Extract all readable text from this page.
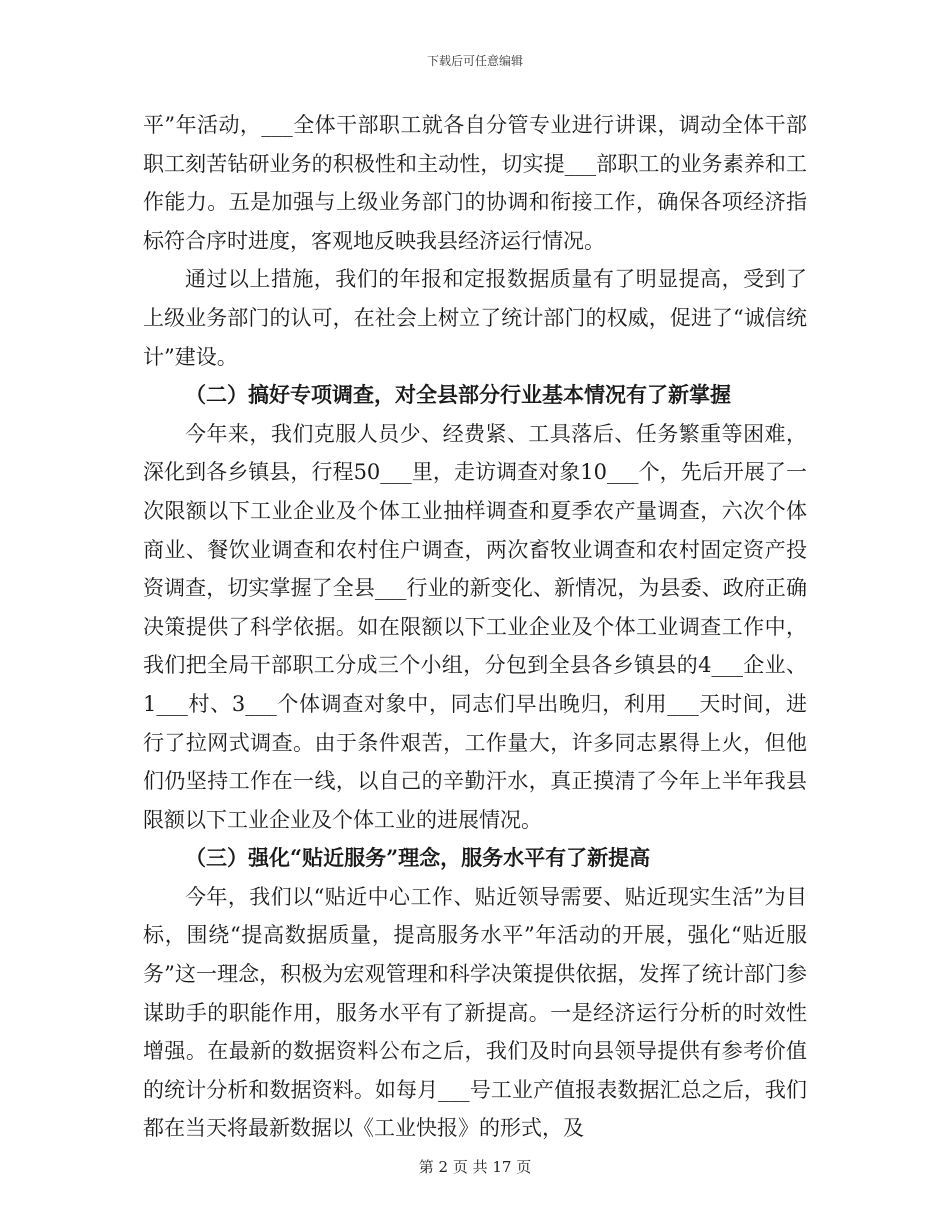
下载后可任意编辑

平”年活动，___全体干部职工就各自分管专业进行讲课，调动全体干部职工刻苦钻研业务的积极性和主动性，切实提___部职工的业务素养和工作能力。五是加强与上级业务部门的协调和衔接工作，确保各项经济指标符合序时进度，客观地反映我县经济运行情况。

通过以上措施，我们的年报和定报数据质量有了明显提高，受到了上级业务部门的认可，在社会上树立了统计部门的权威，促进了“诚信统计”建设。

（二）搞好专项调查，对全县部分行业基本情况有了新掌握

今年来，我们克服人员少、经费紧、工具落后、任务繁重等困难，深化到各乡镇县，行程50___里，走访调查对象10___个，先后开展了一次限额以下工业企业及个体工业抽样调查和夏季农产量调查，六次个体商业、餐饮业调查和农村住户调查，两次畜牧业调查和农村固定资产投资调查，切实掌握了全县___行业的新变化、新情况，为县委、政府正确决策提供了科学依据。如在限额以下工业企业及个体工业调查工作中，我们把全局干部职工分成三个小组，分包到全县各乡镇县的4___企业、1___村、3___个体调查对象中，同志们早出晚归，利用___天时间，进行了拉网式调查。由于条件艰苦，工作量大，许多同志累得上火，但他们仍坚持工作在一线，以自己的辛勤汗水，真正摸清了今年上半年我县限额以下工业企业及个体工业的进展情况。

（三）强化“贴近服务”理念，服务水平有了新提高

今年，我们以“贴近中心工作、贴近领导需要、贴近现实生活”为目标，围绕“提高数据质量，提高服务水平”年活动的开展，强化“贴近服务”这一理念，积极为宏观管理和科学决策提供依据，发挥了统计部门参谋助手的职能作用，服务水平有了新提高。一是经济运行分析的时效性增强。在最新的数据资料公布之后，我们及时向县领导提供有参考价值的统计分析和数据资料。如每月___号工业产值报表数据汇总之后，我们都在当天将最新数据以《工业快报》的形式，及

第 2 页 共 17 页
